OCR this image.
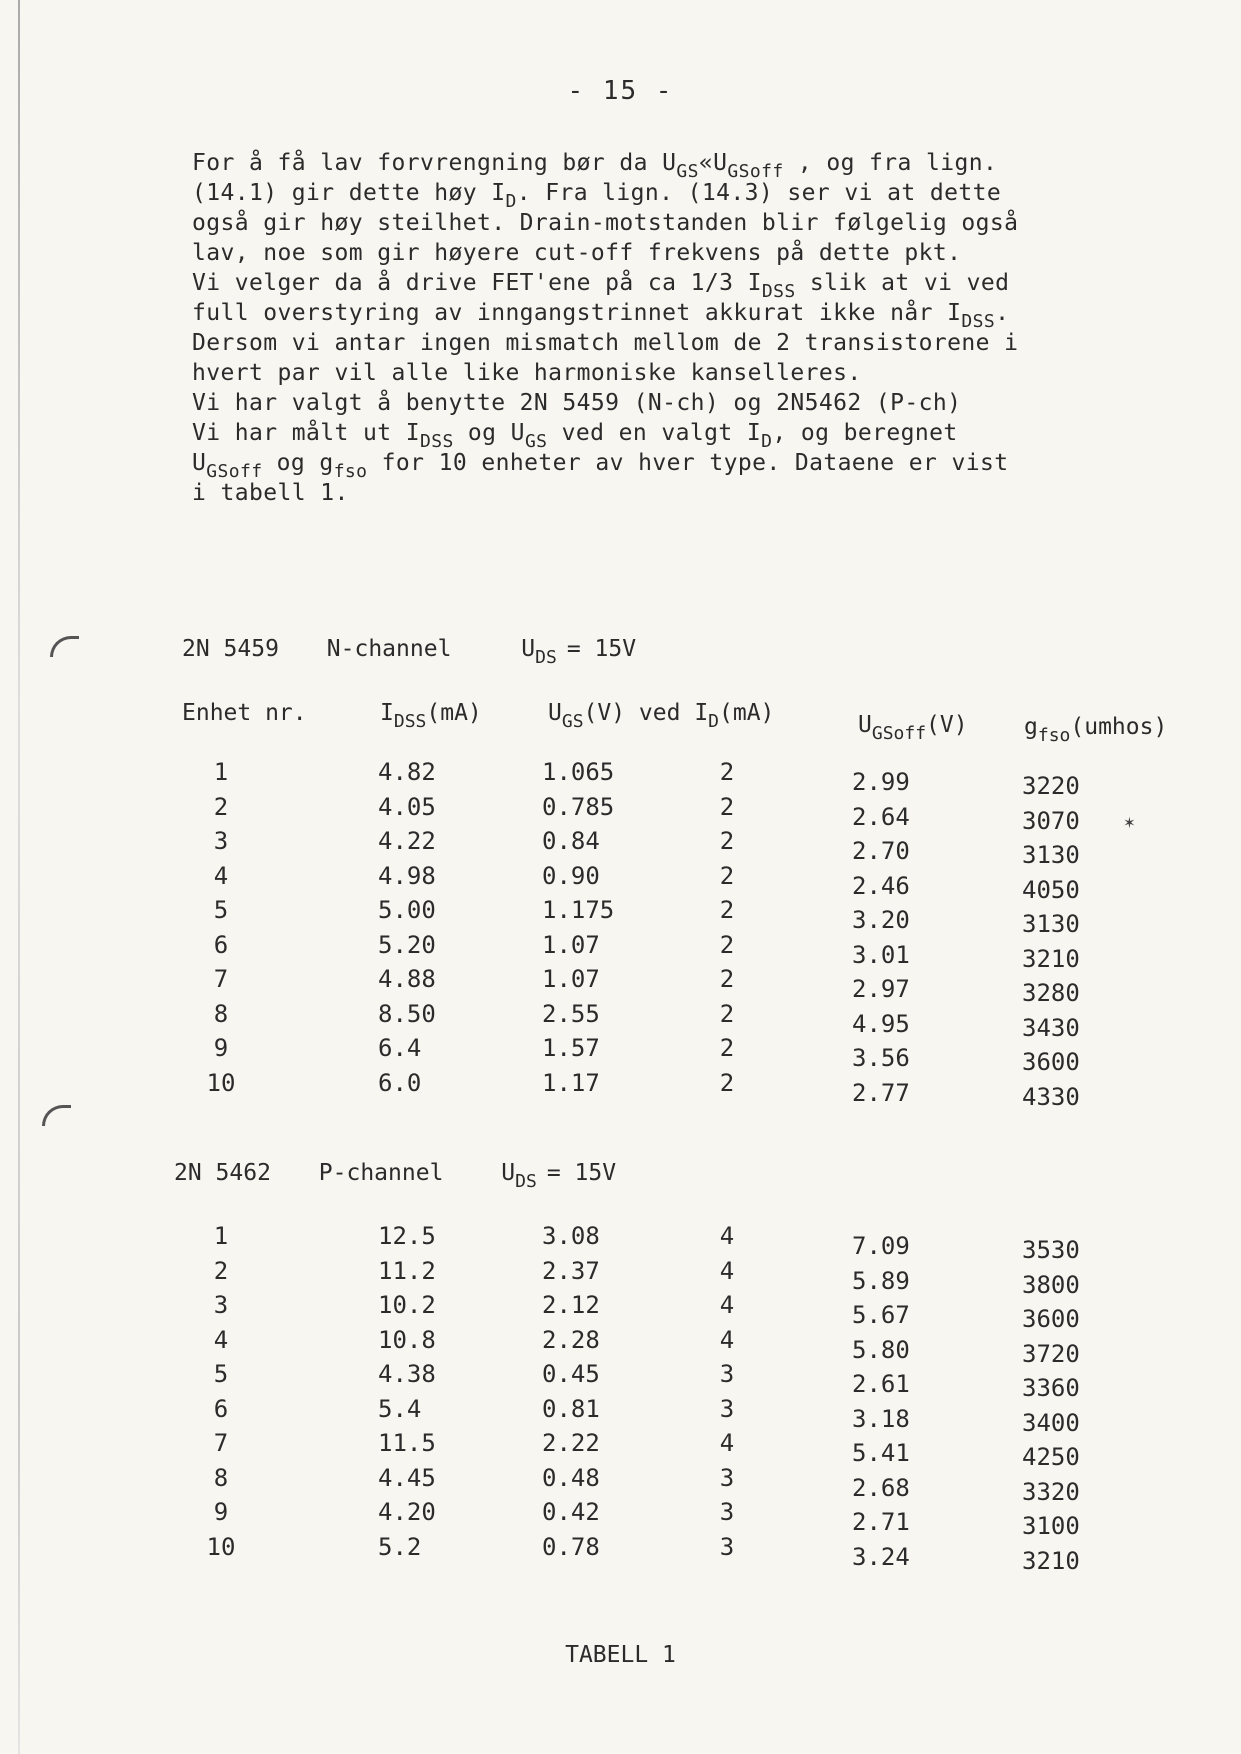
✶
- 15 -
For å få lav forvrengning bør da $U_{GS}«U_{GSoff}$ , og fra lign.
(14.1) gir dette høy $I_D$. Fra lign. (14.3) ser vi at dette
også gir høy steilhet. Drain-motstanden blir følgelig også
lav, noe som gir høyere cut-off frekvens på dette pkt.
Vi velger da å drive FET'ene på ca 1/3 $I_{DSS}$ slik at vi ved
full overstyring av inngangstrinnet akkurat ikke når $I_{DSS}$.
Dersom vi antar ingen mismatch mellom de 2 transistorene i
hvert par vil alle like harmoniske kanselleres.
Vi har valgt å benytte 2N 5459 (N-ch) og 2N5462 (P-ch)
Vi har målt ut $I_{DSS}$ og $U_{GS}$ ved en valgt $I_D$, og beregnet
$U_{GSoff}$ og $g_{fso}$ for 10 enheter av hver type. Dataene er vist
i tabell 1.
2N 5459 N-channel	$U_{DS} = 15V$
Enhet nr.	$I_{DSS}(mA)$	$U_{GS}(V)$ ved $I_D(mA)$	$U_{GSoff}(V)$ $g_{fso}(umhos)$
1	4.82	1.065	2	2.99	3220
2	4.05	0.785	2	2.64	3070
3	4.22	0.84	2	2.70	3130
4	4.98	0.90	2	2.46	4050
5	5.00	1.175	2	3.20	3130
6	5.20	1.07	2	3.01	3210
7	4.88	1.07	2	2.97	3280
8	8.50	2.55	2	4.95	3430
9	6.4	1.57	2	3.56	3600
10	6.0	1.17	2	2.77	4330
2N 5462 P-channel	$U_{DS} = 15V$
1	12.5	3.08	4	7.09	3530
2	11.2	2.37	4	5.89	3800
3	10.2	2.12	4	5.67	3600
4	10.8	2.28	4	5.80	3720
5	4.38	0.45	3	2.61	3360
6	5.4	0.81	3	3.18	3400
7	11.5	2.22	4	5.41	4250
8	4.45	0.48	3	2.68	3320
9	4.20	0.42	3	2.71	3100
10	5.2	0.78	3	3.24	3210
TABELL 1
